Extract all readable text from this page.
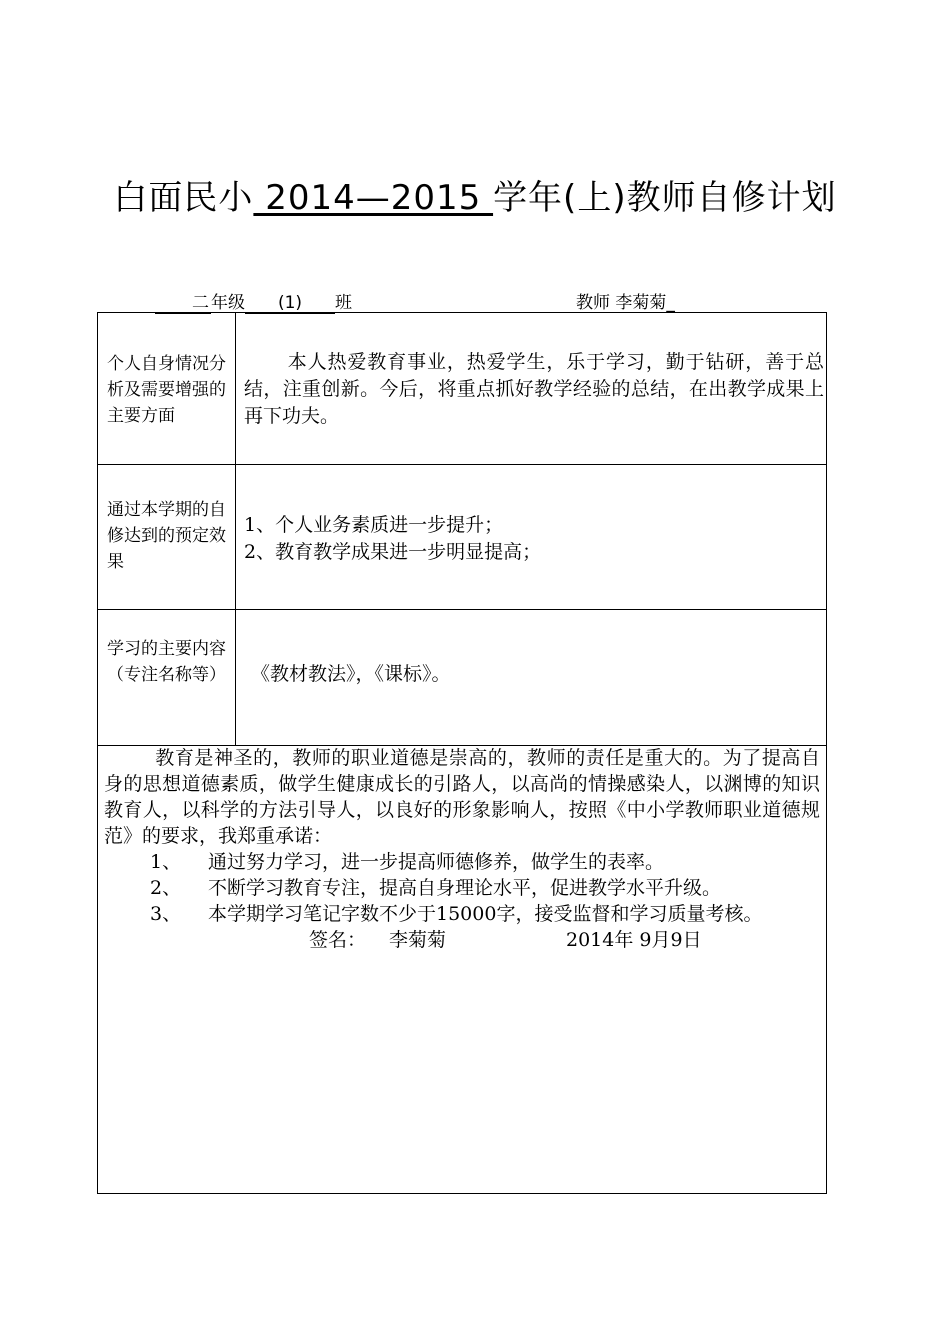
白面民小 2014—2015 学年(上)教师自修计划
二 年级 (1) 班	教师 李菊菊_
个人自身情况分析及需要增强的主要方面
本人热爱教育事业，热爱学生，乐于学习，勤于钻研，善于总结，注重创新。今后，将重点抓好教学经验的总结，在出教学成果上再下功夫。
通过本学期的自修达到的预定效果
1、个人业务素质进一步提升；
2、教育教学成果进一步明显提高；
学习的主要内容（专注名称等） 《教材教法》，《课标》。
教育是神圣的，教师的职业道德是崇高的，教师的责任是重大的。为了提高自身的思想道德素质，做学生健康成长的引路人，以高尚的情操感染人，以渊博的知识教育人，以科学的方法引导人，以良好的形象影响人，按照《中小学教师职业道德规范》的要求，我郑重承诺：
1、 通过努力学习，进一步提高师德修养，做学生的表率。
2、 不断学习教育专注，提高自身理论水平，促进教学水平升级。
3、 本学期学习笔记字数不少于15000字，接受监督和学习质量考核。
签名： 李菊菊	2014年 9月9日
